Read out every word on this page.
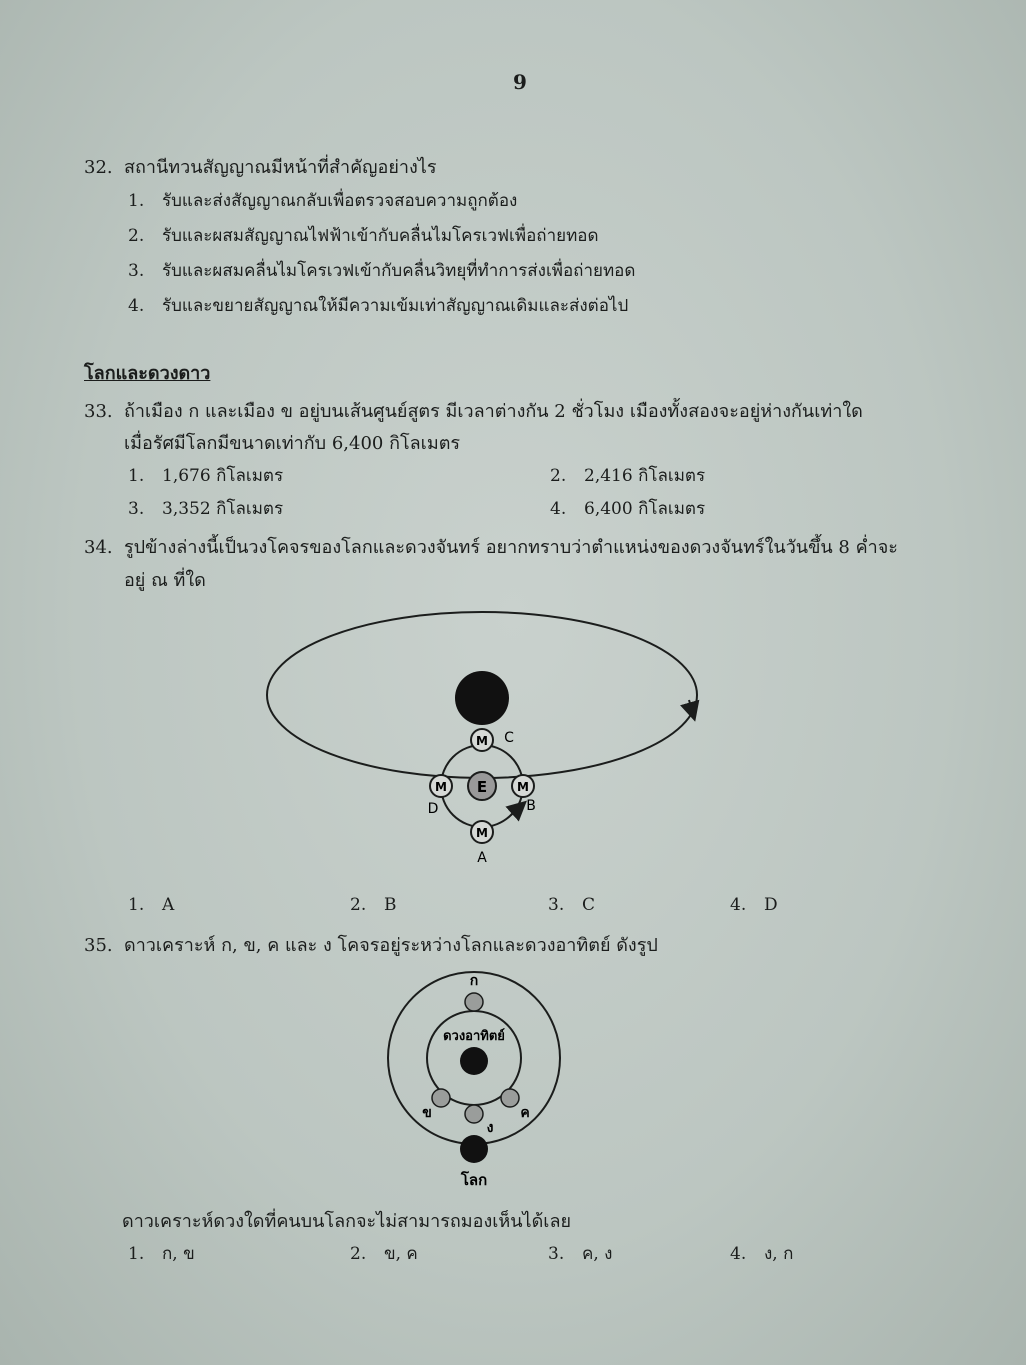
9
32. สถานีทวนสัญญาณมีหน้าที่สำคัญอย่างไร
1. รับและส่งสัญญาณกลับเพื่อตรวจสอบความถูกต้อง
2. รับและผสมสัญญาณไฟฟ้าเข้ากับคลื่นไมโครเวฟเพื่อถ่ายทอด
3. รับและผสมคลื่นไมโครเวฟเข้ากับคลื่นวิทยุที่ทำการส่งเพื่อถ่ายทอด
4. รับและขยายสัญญาณให้มีความเข้มเท่าสัญญาณเดิมและส่งต่อไป
โลกและดวงดาว
33. ถ้าเมือง ก และเมือง ข อยู่บนเส้นศูนย์สูตร มีเวลาต่างกัน 2 ชั่วโมง เมืองทั้งสองจะอยู่ห่างกันเท่าใด
เมื่อรัศมีโลกมีขนาดเท่ากับ 6,400 กิโลเมตร
1. 1,676 กิโลเมตร	2. 2,416 กิโลเมตร
3. 3,352 กิโลเมตร	4. 6,400 กิโลเมตร
34. รูปข้างล่างนี้เป็นวงโคจรของโลกและดวงจันทร์ อยากทราบว่าตำแหน่งของดวงจันทร์ในวันขึ้น 8 ค่ำจะ
อยู่ ณ ที่ใด
E
M
M
M
M
A
B
C
D
1. A	2. B	3. C	4. D
35. ดาวเคราะห์ ก, ข, ค และ ง โคจรอยู่ระหว่างโลกและดวงอาทิตย์ ดังรูป
ดวงอาทิตย์
ก
ข	ค
ง
โลก
ดาวเคราะห์ดวงใดที่คนบนโลกจะไม่สามารถมองเห็นได้เลย
1. ก, ข	2. ข, ค	3. ค, ง	4. ง, ก
